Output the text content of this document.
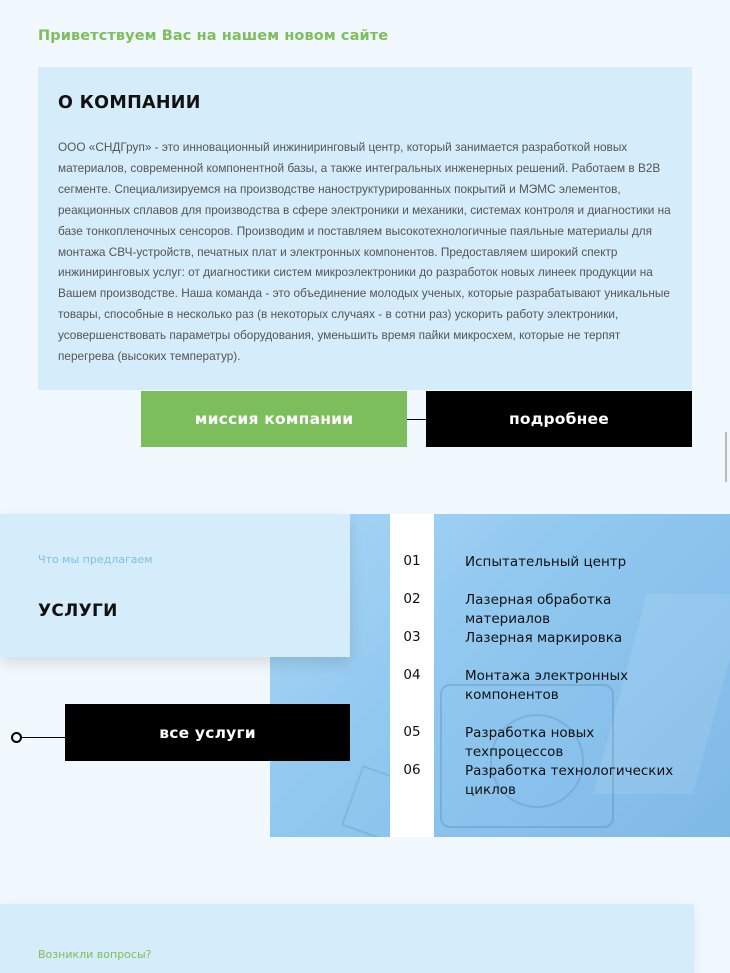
Приветствуем Вас на нашем новом сайте
О КОМПАНИИ

ООО «СНДГруп» - это инновационный инжиниринговый центр, который занимается разработкой новых материалов, современной компонентной базы, а также интегральных инженерных решений. Работаем в B2B сегменте. Специализируемся на производстве наноструктурированных покрытий и МЭМС элементов, реакционных сплавов для производства в сфере электроники и механики, системах контроля и диагностики на базе тонкопленочных сенсоров. Производим и поставляем высокотехнологичные паяльные материалы для монтажа СВЧ-устройств, печатных плат и электронных компонентов. Предоставляем широкий спектр инжиниринговых услуг: от диагностики систем микроэлектроники до разработок новых линеек продукции на Вашем производстве. Наша команда - это объединение молодых ученых, которые разрабатывают уникальные товары, способные в несколько раз (в некоторых случаях - в сотни раз) ускорить работу электроники, усовершенствовать параметры оборудования, уменьшить время пайки микросхем, которые не терпят перегрева (высоких температур).

миссия компании	подробнее
Что мы предлагаем
УСЛУГИ
все услуги
01	Испытательный центр
02	Лазерная обработка материалов
03	Лазерная маркировка
04	Монтажа электронных компонентов
05	Разработка новых техпроцессов
06	Разработка технологических циклов
Возникли вопросы?
